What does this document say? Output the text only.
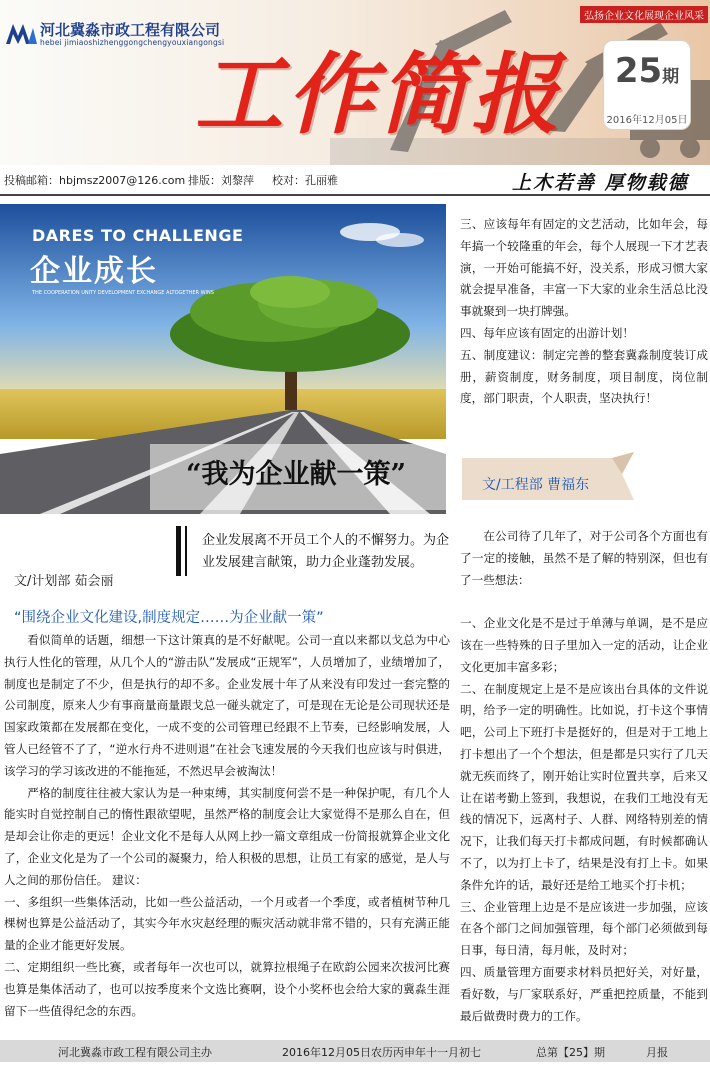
河北冀淼市政工程有限公司
hebei jimiaoshizhenggongchengyouxiangongsi
弘扬企业文化展现企业风采
工作简报	25期
2016年12月05日
投稿邮箱：hbjmsz2007@126.com 排版：刘黎萍 校对：孔丽雅	上木若善 厚物载德
DARES TO CHALLENGE
企业成长
THE COOPERATION UNITY DEVELOPMENT EXCHANGE ALTOGETHER WINS
“我为企业献一策”
企业发展离不开员工个人的不懈努力。为企业发展建言献策，助力企业蓬勃发展。
文/计划部 茹会丽
“围绕企业文化建设,制度规定……为企业献一策”

看似简单的话题，细想一下这计策真的是不好献呢。公司一直以来都以戈总为中心执行人性化的管理，从几个人的“游击队”发展成“正规军”，人员增加了，业绩增加了，制度也是制定了不少，但是执行的却不多。企业发展十年了从来没有印发过一套完整的公司制度，原来人少有事商量商量跟戈总一碰头就定了，可是现在无论是公司现状还是国家政策都在发展都在变化，一成不变的公司管理已经跟不上节奏，已经影响发展，人管人已经管不了了，“逆水行舟不进则退”在社会飞速发展的今天我们也应该与时俱进，该学习的学习该改进的不能拖延，不然迟早会被淘汰！

严格的制度往往被大家认为是一种束缚，其实制度何尝不是一种保护呢，有几个人能实时自觉控制自己的惰性跟欲望呢，虽然严格的制度会让大家觉得不是那么自在，但是却会让你走的更远！企业文化不是每人从网上抄一篇文章组成一份简报就算企业文化了，企业文化是为了一个公司的凝聚力，给人积极的思想，让员工有家的感觉，是人与人之间的那份信任。 建议：

一、多组织一些集体活动，比如一些公益活动，一个月或者一个季度，或者植树节种几棵树也算是公益活动了，其实今年水灾赵经理的赈灾活动就非常不错的，只有充满正能量的企业才能更好发展。

二、定期组织一些比赛，或者每年一次也可以，就算拉根绳子在欧韵公园来次拔河比赛也算是集体活动了，也可以按季度来个文选比赛啊，设个小奖杯也会给大家的冀淼生涯留下一些值得纪念的东西。

三、应该每年有固定的文艺活动，比如年会，每年搞一个较隆重的年会，每个人展现一下才艺表演，一开始可能搞不好，没关系，形成习惯大家就会提早准备，丰富一下大家的业余生活总比没事就聚到一块打牌强。

四、每年应该有固定的出游计划！

五、制度建议：制定完善的整套冀淼制度装订成册，薪资制度，财务制度，项目制度，岗位制度，部门职责，个人职责，坚决执行！

文/工程部 曹福东

在公司待了几年了，对于公司各个方面也有了一定的接触，虽然不是了解的特别深，但也有了一些想法：

一、企业文化是不是过于单薄与单调，是不是应该在一些特殊的日子里加入一定的活动，让企业文化更加丰富多彩；

二、在制度规定上是不是应该出台具体的文件说明，给予一定的明确性。比如说，打卡这个事情吧，公司上下班打卡是挺好的，但是对于工地上打卡想出了一个个想法，但是都是只实行了几天就无疾而终了，刚开始让实时位置共享，后来又让在诺考勤上签到，我想说，在我们工地没有无线的情况下，远离村子、人群、网络特别差的情况下，让我们每天打卡都成问题，有时候都确认不了，以为打上卡了，结果是没有打上卡。如果条件允许的话，最好还是给工地买个打卡机；

三、企业管理上边是不是应该进一步加强，应该在各个部门之间加强管理，每个部门必须做到每日事，每日清，每月帐，及时对；

四、质量管理方面要求材料员把好关，对好量，看好数，与厂家联系好，严重把控质量，不能到最后做费时费力的工作。

河北冀淼市政工程有限公司主办	2016年12月05日农历丙申年十一月初七	总第【25】期	月报
